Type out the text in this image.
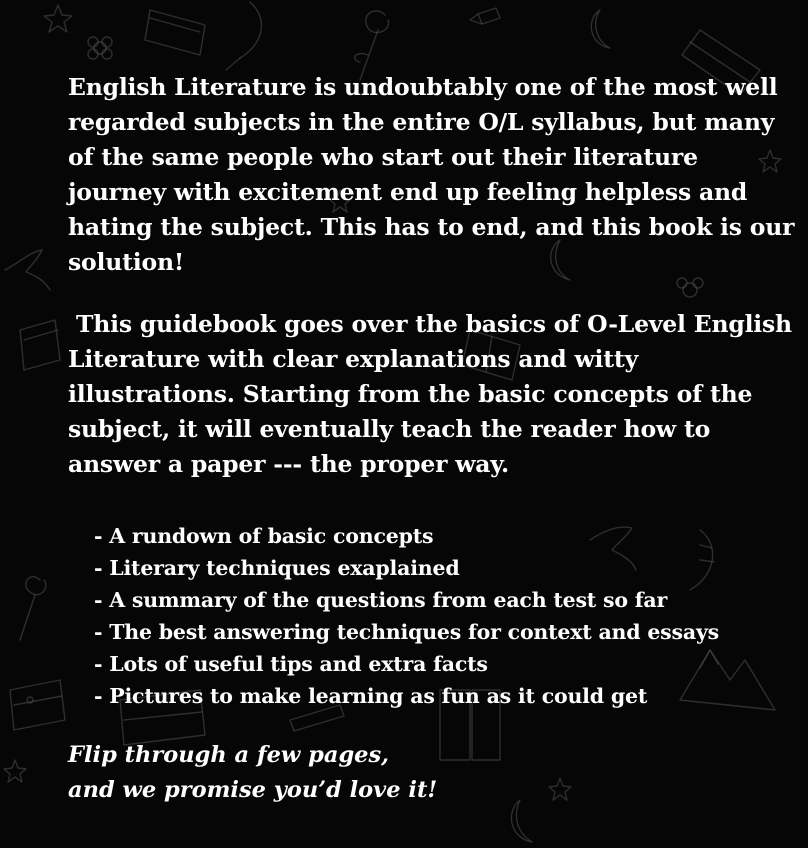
English Literature is undoubtably one of the most well regarded subjects in the entire O/L syllabus, but many of the same people who start out their literature journey with excitement end up feeling helpless and hating the subject. This has to end, and this book is our solution!

This guidebook goes over the basics of O-Level English Literature with clear explanations and witty illustrations. Starting from the basic concepts of the subject, it will eventually teach the reader how to answer a paper --- the proper way.

- A rundown of basic concepts
- Literary techniques exaplained
- A summary of the questions from each test so far
- The best answering techniques for context and essays
- Lots of useful tips and extra facts
- Pictures to make learning as fun as it could get
Flip through a few pages,
and we promise you’d love it!
